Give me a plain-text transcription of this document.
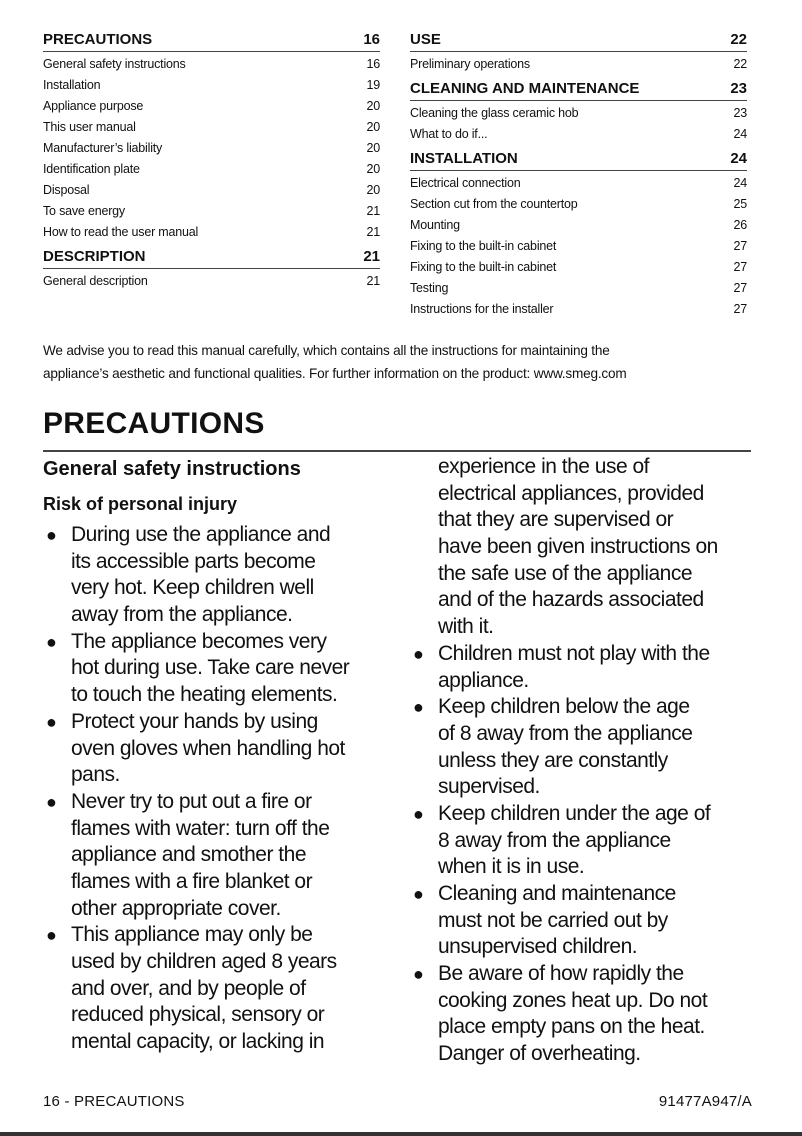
PRECAUTIONS	16
General safety instructions	16
Installation	19
Appliance purpose	20
This user manual	20
Manufacturer’s liability	20
Identification plate	20
Disposal	20
To save energy	21
How to read the user manual	21
DESCRIPTION	21
General description	21
USE	22
Preliminary operations	22
CLEANING AND MAINTENANCE	23
Cleaning the glass ceramic hob	23
What to do if...	24
INSTALLATION	24
Electrical connection	24
Section cut from the countertop	25
Mounting	26
Fixing to the built-in cabinet	27
Fixing to the built-in cabinet	27
Testing	27
Instructions for the installer	27
We advise you to read this manual carefully, which contains all the instructions for maintaining the
appliance’s aesthetic and functional qualities. For further information on the product: www.smeg.com
PRECAUTIONS
General safety instructions
Risk of personal injury
● During use the appliance and
its accessible parts become
very hot. Keep children well
away from the appliance.
● The appliance becomes very
hot during use. Take care never
to touch the heating elements.
● Protect your hands by using
oven gloves when handling hot
pans.
● Never try to put out a fire or
flames with water: turn off the
appliance and smother the
flames with a fire blanket or
other appropriate cover.
● This appliance may only be
used by children aged 8 years
and over, and by people of
reduced physical, sensory or
mental capacity, or lacking in
experience in the use of
electrical appliances, provided
that they are supervised or
have been given instructions on
the safe use of the appliance
and of the hazards associated
with it.
● Children must not play with the
appliance.
● Keep children below the age
of 8 away from the appliance
unless they are constantly
supervised.
● Keep children under the age of
8 away from the appliance
when it is in use.
● Cleaning and maintenance
must not be carried out by
unsupervised children.
● Be aware of how rapidly the
cooking zones heat up. Do not
place empty pans on the heat.
Danger of overheating.
16 - PRECAUTIONS	91477A947/A
